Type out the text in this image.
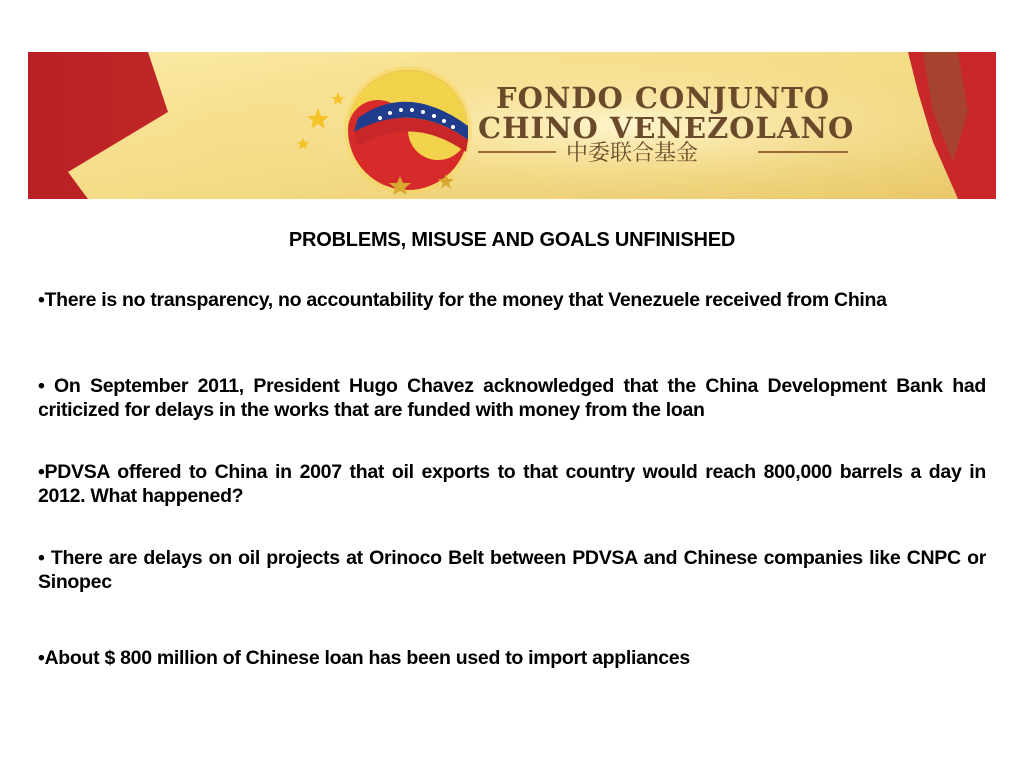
FONDO CONJUNTO
CHINO VENEZOLANO
中委联合基金
PROBLEMS, MISUSE AND GOALS UNFINISHED

•There is no transparency, no accountability for the money that Venezuele received from China

• On September 2011, President Hugo Chavez acknowledged that the China Development Bank had criticized for delays in the works that are funded with money from the loan

•PDVSA offered to China in 2007 that oil exports to that country would reach 800,000 barrels a day in 2012. What happened?

• There are delays on oil projects at Orinoco Belt between PDVSA and Chinese companies like CNPC or Sinopec

•About $ 800 million of Chinese loan has been used to import appliances
